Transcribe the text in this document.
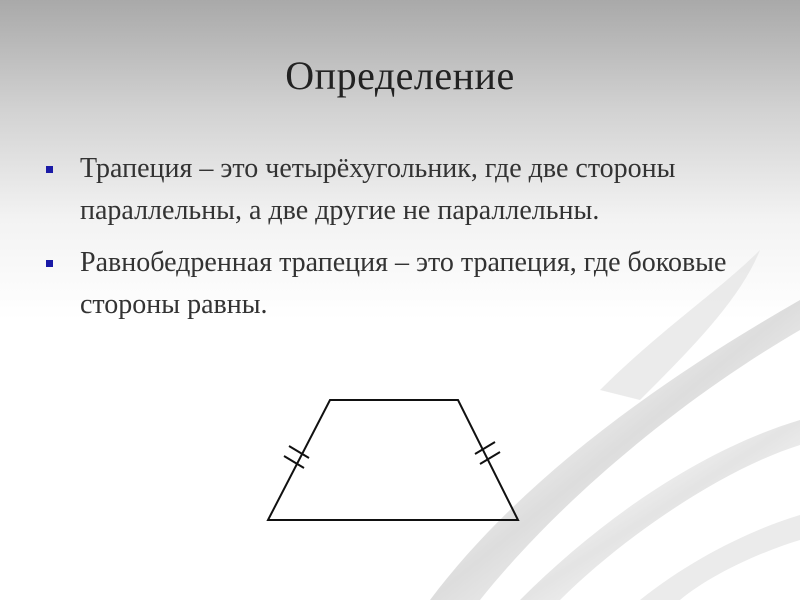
Определение
Трапеция – это четырёхугольник, где две стороны параллельны, а две другие не параллельны.
Равнобедренная трапеция – это трапеция, где боковые стороны равны.
